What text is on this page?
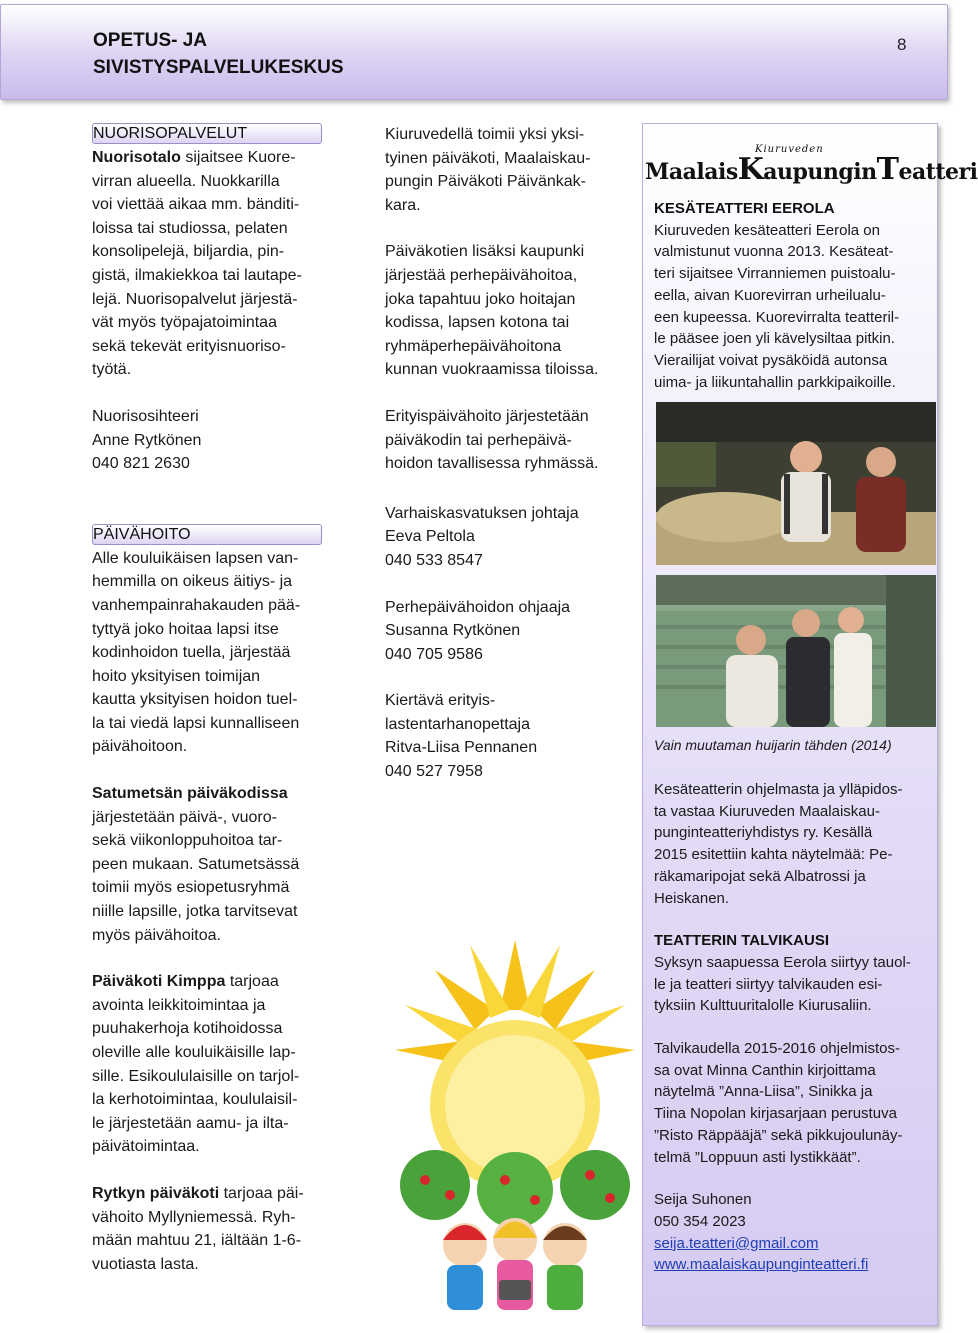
OPETUS- JA
SIVISTYSPALVELUKESKUS
8
NUORISOPALVELUT

Nuorisotalo sijaitsee Kuore-
virran alueella. Nuokkarilla
voi viettää aikaa mm. bänditi-
loissa tai studiossa, pelaten
konsolipelejä, biljardia, pin-
gistä, ilmakiekkoa tai lautape-
lejä. Nuorisopalvelut järjestä-
vät myös työpajatoimintaa
sekä tekevät erityisnuoriso-
työtä.

Nuorisosihteeri
Anne Rytkönen
040 821 2630

PÄIVÄHOITO

Alle kouluikäisen lapsen van-
hemmilla on oikeus äitiys- ja
vanhempainrahakauden pää-
tyttyä joko hoitaa lapsi itse
kodinhoidon tuella, järjestää
hoito yksityisen toimijan
kautta yksityisen hoidon tuel-
la tai viedä lapsi kunnalliseen
päivähoitoon.

Satumetsän päiväkodissa
järjestetään päivä-, vuoro-
sekä viikonloppuhoitoa tar-
peen mukaan. Satumetsässä
toimii myös esiopetusryhmä
niille lapsille, jotka tarvitsevat
myös päivähoitoa.

Päiväkoti Kimppa tarjoaa
avointa leikkitoimintaa ja
puuhakerhoja kotihoidossa
oleville alle kouluikäisille lap-
sille. Esikoululaisille on tarjol-
la kerhotoimintaa, koululaisil-
le järjestetään aamu- ja ilta-
päivätoimintaa.

Rytkyn päiväkoti tarjoaa päi-
vähoito Myllyniemessä. Ryh-
mään mahtuu 21, iältään 1-6-
vuotiasta lasta.

Kiuruvedellä toimii yksi yksi-
tyinen päiväkoti, Maalaiskau-
pungin Päiväkoti Päivänkak-
kara.

Päiväkotien lisäksi kaupunki
järjestää perhepäivähoitoa,
joka tapahtuu joko hoitajan
kodissa, lapsen kotona tai
ryhmäperhepäivähoitona
kunnan vuokraamissa tiloissa.

Erityispäivähoito järjestetään
päiväkodin tai perhepäivä-
hoidon tavallisessa ryhmässä.

Varhaiskasvatuksen johtaja
Eeva Peltola
040 533 8547

Perhepäivähoidon ohjaaja
Susanna Rytkönen
040 705 9586

Kiertävä erityis-
lastentarhanopettaja
Ritva-Liisa Pennanen
040 527 7958

Kiuruveden
MaalaisKaupunginTeatteri
KESÄTEATTERI EEROLA
Kiuruveden kesäteatteri Eerola on
valmistunut vuonna 2013. Kesäteat-
teri sijaitsee Virranniemen puistoalu-
eella, aivan Kuorevirran urheilualu-
een kupeessa. Kuorevirralta teatteril-
le pääsee joen yli kävelysiltaa pitkin.
Vierailijat voivat pysäköidä autonsa
uima- ja liikuntahallin parkkipaikoille.
Vain muutaman huijarin tähden (2014)

Kesäteatterin ohjelmasta ja ylläpidos-
ta vastaa Kiuruveden Maalaiskau-
punginteatteriyhdistys ry. Kesällä
2015 esitettiin kahta näytelmää: Pe-
räkamaripojat sekä Albatrossi ja
Heiskanen.

TEATTERIN TALVIKAUSI

Syksyn saapuessa Eerola siirtyy tauol-
le ja teatteri siirtyy talvikauden esi-
tyksiin Kulttuuritalolle Kiurusaliin.

Talvikaudella 2015-2016 ohjelmistos-
sa ovat Minna Canthin kirjoittama
näytelmä ”Anna-Liisa”, Sinikka ja
Tiina Nopolan kirjasarjaan perustuva
”Risto Räppääjä” sekä pikkujoulunäy-
telmä ”Loppuun asti lystikkäät”.

Seija Suhonen
050 354 2023
seija.teatteri@gmail.com
www.maalaiskaupunginteatteri.fi
